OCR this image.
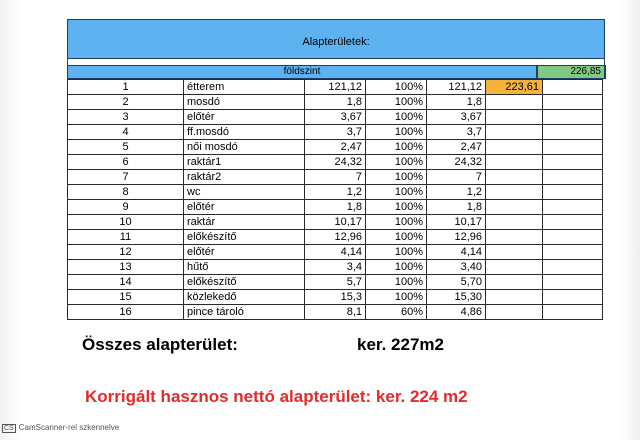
Alapterületek:
földszint	226,85
1	étterem	121,12	100%	121,12	223,61	
2	mosdó	1,8	100%	1,8		
3	előtér	3,67	100%	3,67		
4	ff.mosdó	3,7	100%	3,7		
5	női mosdó	2,47	100%	2,47		
6	raktár1	24,32	100%	24,32		
7	raktár2	7	100%	7		
8	wc	1,2	100%	1,2		
9	előtér	1,8	100%	1,8		
10	raktár	10,17	100%	10,17		
11	előkészítő	12,96	100%	12,96		
12	előtér	4,14	100%	4,14		
13	hűtő	3,4	100%	3,40		
14	előkészítő	5,7	100%	5,70		
15	közlekedő	15,3	100%	15,30		
16	pince tároló	8,1	60%	4,86		
Összes alapterület:	ker. 227m2
Korrigált hasznos nettó alapterület: ker. 224 m2
CS CamScanner-rel szkennelve
